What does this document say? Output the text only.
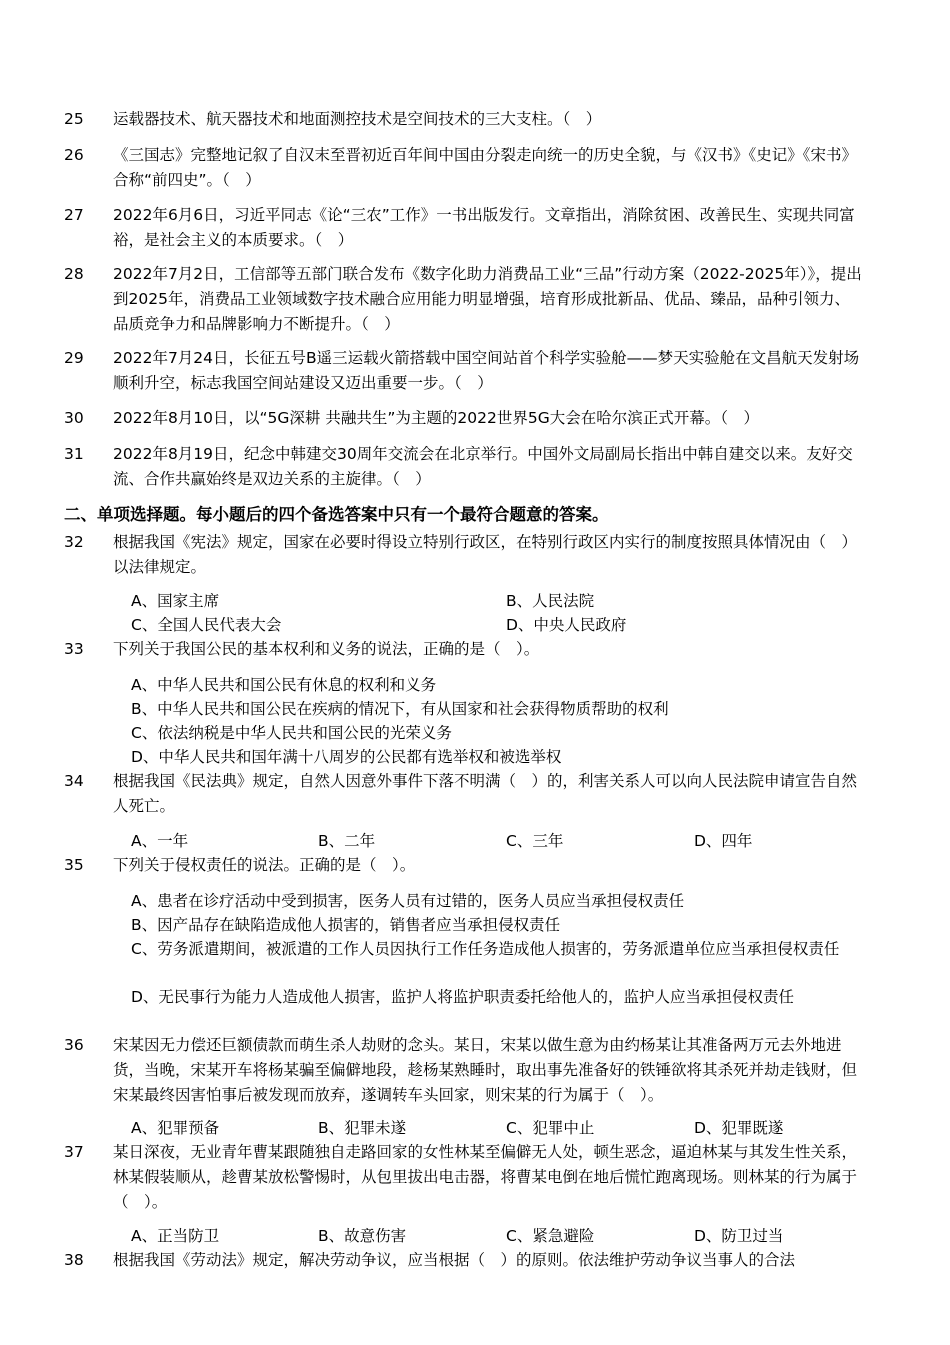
25	运载器技术、航天器技术和地面测控技术是空间技术的三大支柱。（　）
26	《三国志》完整地记叙了自汉末至晋初近百年间中国由分裂走向统一的历史全貌，与《汉书》《史记》《宋书》合称“前四史”。（　）
27	2022年6月6日，习近平同志《论“三农”工作》一书出版发行。文章指出，消除贫困、改善民生、实现共同富裕，是社会主义的本质要求。（　）
28	2022年7月2日，工信部等五部门联合发布《数字化助力消费品工业“三品”行动方案（2022-2025年）》，提出到2025年，消费品工业领域数字技术融合应用能力明显增强，培育形成批新品、优品、臻品，品种引领力、品质竞争力和品牌影响力不断提升。（　）
29	2022年7月24日，长征五号B遥三运载火箭搭载中国空间站首个科学实验舱——梦天实验舱在文昌航天发射场顺利升空，标志我国空间站建设又迈出重要一步。（　）
30	2022年8月10日，以“5G深耕 共融共生”为主题的2022世界5G大会在哈尔滨正式开幕。（　）
31	2022年8月19日，纪念中韩建交30周年交流会在北京举行。中国外文局副局长指出中韩自建交以来。友好交流、合作共赢始终是双边关系的主旋律。（　）
二、单项选择题。每小题后的四个备选答案中只有一个最符合题意的答案。
32	根据我国《宪法》规定，国家在必要时得设立特别行政区，在特别行政区内实行的制度按照具体情况由（　）以法律规定。
A、国家主席	B、人民法院
C、全国人民代表大会	D、中央人民政府
33	下列关于我国公民的基本权利和义务的说法，正确的是（　）。
A、中华人民共和国公民有休息的权利和义务
B、中华人民共和国公民在疾病的情况下，有从国家和社会获得物质帮助的权利
C、依法纳税是中华人民共和国公民的光荣义务
D、中华人民共和国年满十八周岁的公民都有选举权和被选举权
34	根据我国《民法典》规定，自然人因意外事件下落不明满（　）的，利害关系人可以向人民法院申请宣告自然人死亡。
A、一年	B、二年	C、三年	D、四年
35	下列关于侵权责任的说法。正确的是（　）。
A、患者在诊疗活动中受到损害，医务人员有过错的，医务人员应当承担侵权责任
B、因产品存在缺陷造成他人损害的，销售者应当承担侵权责任
C、劳务派遣期间，被派遣的工作人员因执行工作任务造成他人损害的，劳务派遣单位应当承担侵权责任
D、无民事行为能力人造成他人损害，监护人将监护职责委托给他人的，监护人应当承担侵权责任
36	宋某因无力偿还巨额债款而萌生杀人劫财的念头。某日，宋某以做生意为由约杨某让其准备两万元去外地进货，当晚，宋某开车将杨某骗至偏僻地段，趁杨某熟睡时，取出事先准备好的铁锤欲将其杀死并劫走钱财，但宋某最终因害怕事后被发现而放弃，遂调转车头回家，则宋某的行为属于（　）。
A、犯罪预备	B、犯罪未遂	C、犯罪中止	D、犯罪既遂
37	某日深夜，无业青年曹某跟随独自走路回家的女性林某至偏僻无人处，顿生恶念，逼迫林某与其发生性关系，林某假装顺从，趁曹某放松警惕时，从包里拔出电击器，将曹某电倒在地后慌忙跑离现场。则林某的行为属于（　）。
A、正当防卫	B、故意伤害	C、紧急避险	D、防卫过当
38	根据我国《劳动法》规定，解决劳动争议，应当根据（　）的原则。依法维护劳动争议当事人的合法
